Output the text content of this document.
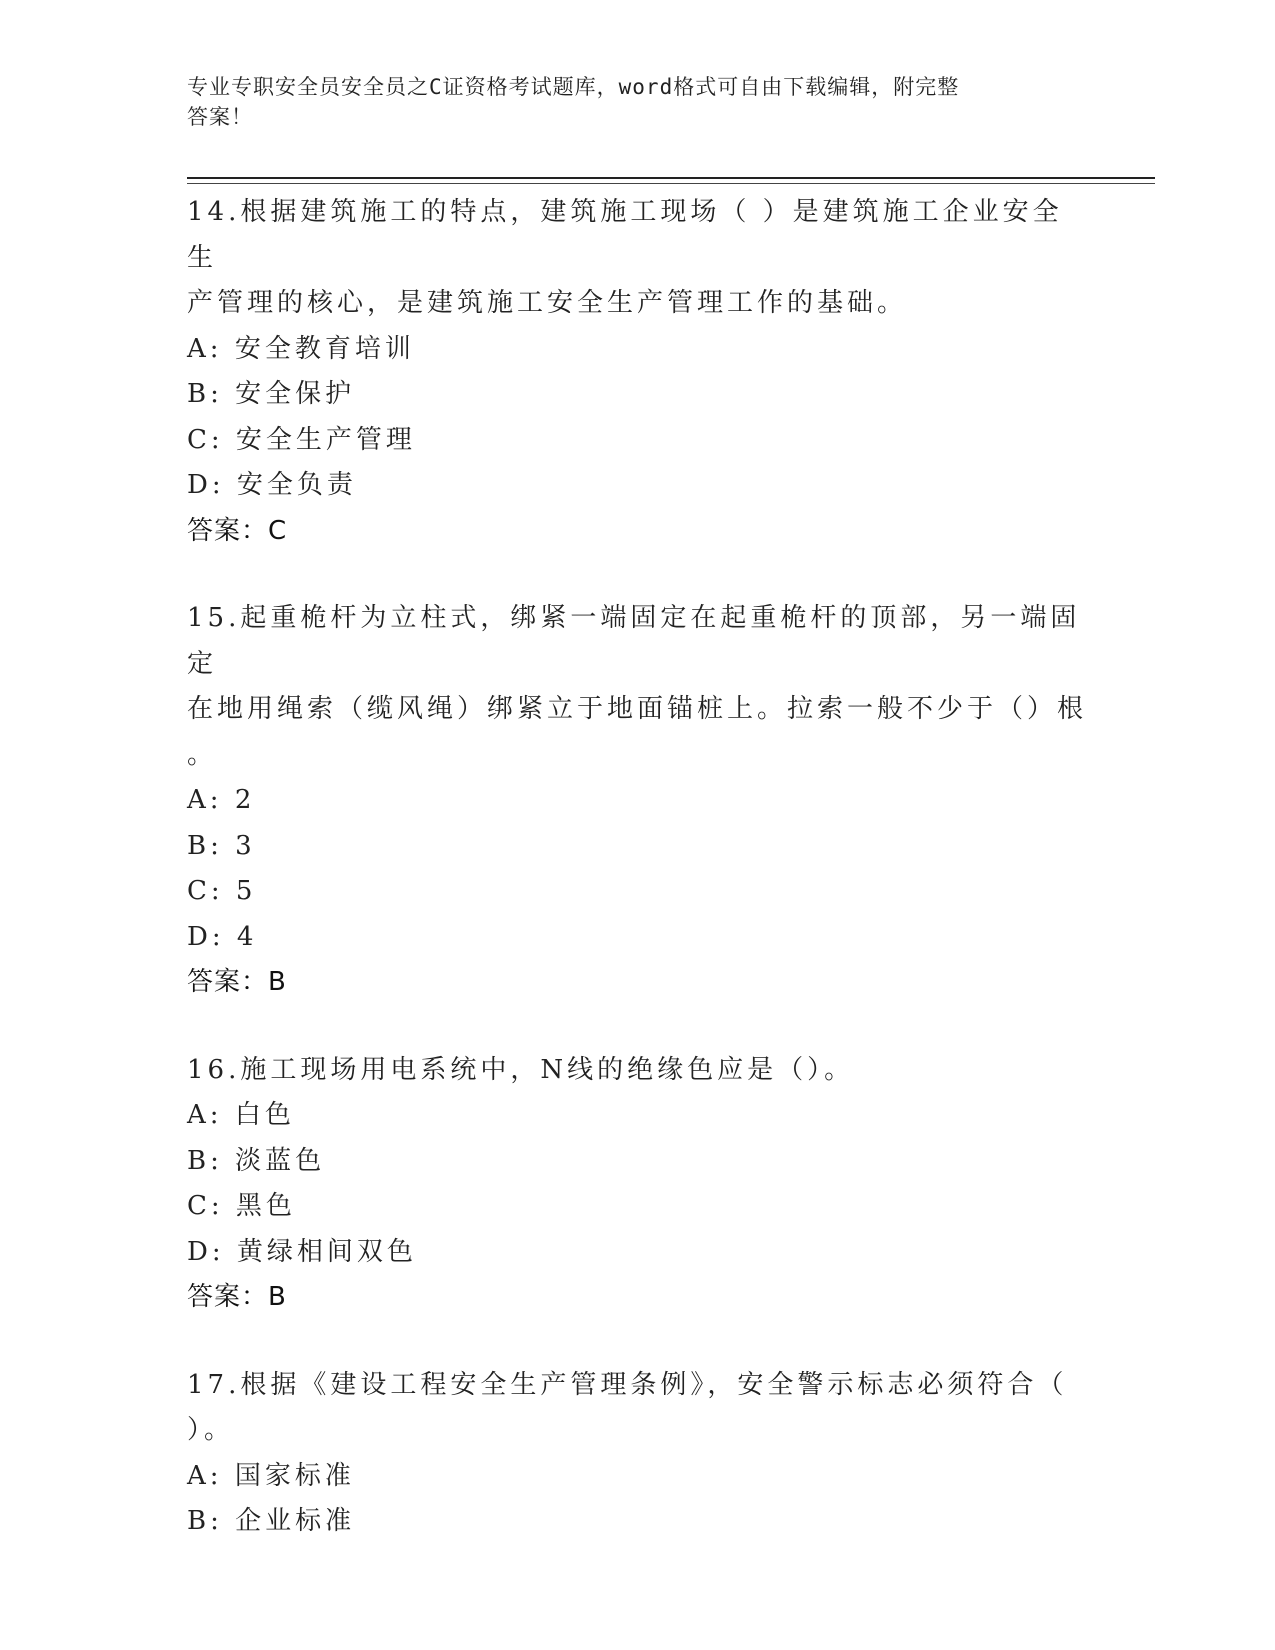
专业专职安全员安全员之C证资格考试题库，word格式可自由下载编辑，附完整
答案！
14.根据建筑施工的特点，建筑施工现场（ ）是建筑施工企业安全生
产管理的核心，是建筑施工安全生产管理工作的基础。
A: 安全教育培训
B: 安全保护
C: 安全生产管理
D: 安全负责
答案：C
15.起重桅杆为立柱式，绑紧一端固定在起重桅杆的顶部，另一端固定
在地用绳索（缆风绳）绑紧立于地面锚桩上。拉索一般不少于（）根
。
A: 2
B: 3
C: 5
D: 4
答案：B
16.施工现场用电系统中，N线的绝缘色应是（）。
A: 白色
B: 淡蓝色
C: 黑色
D: 黄绿相间双色
答案：B
17.根据《建设工程安全生产管理条例》，安全警示标志必须符合（
）。
A: 国家标准
B: 企业标准
